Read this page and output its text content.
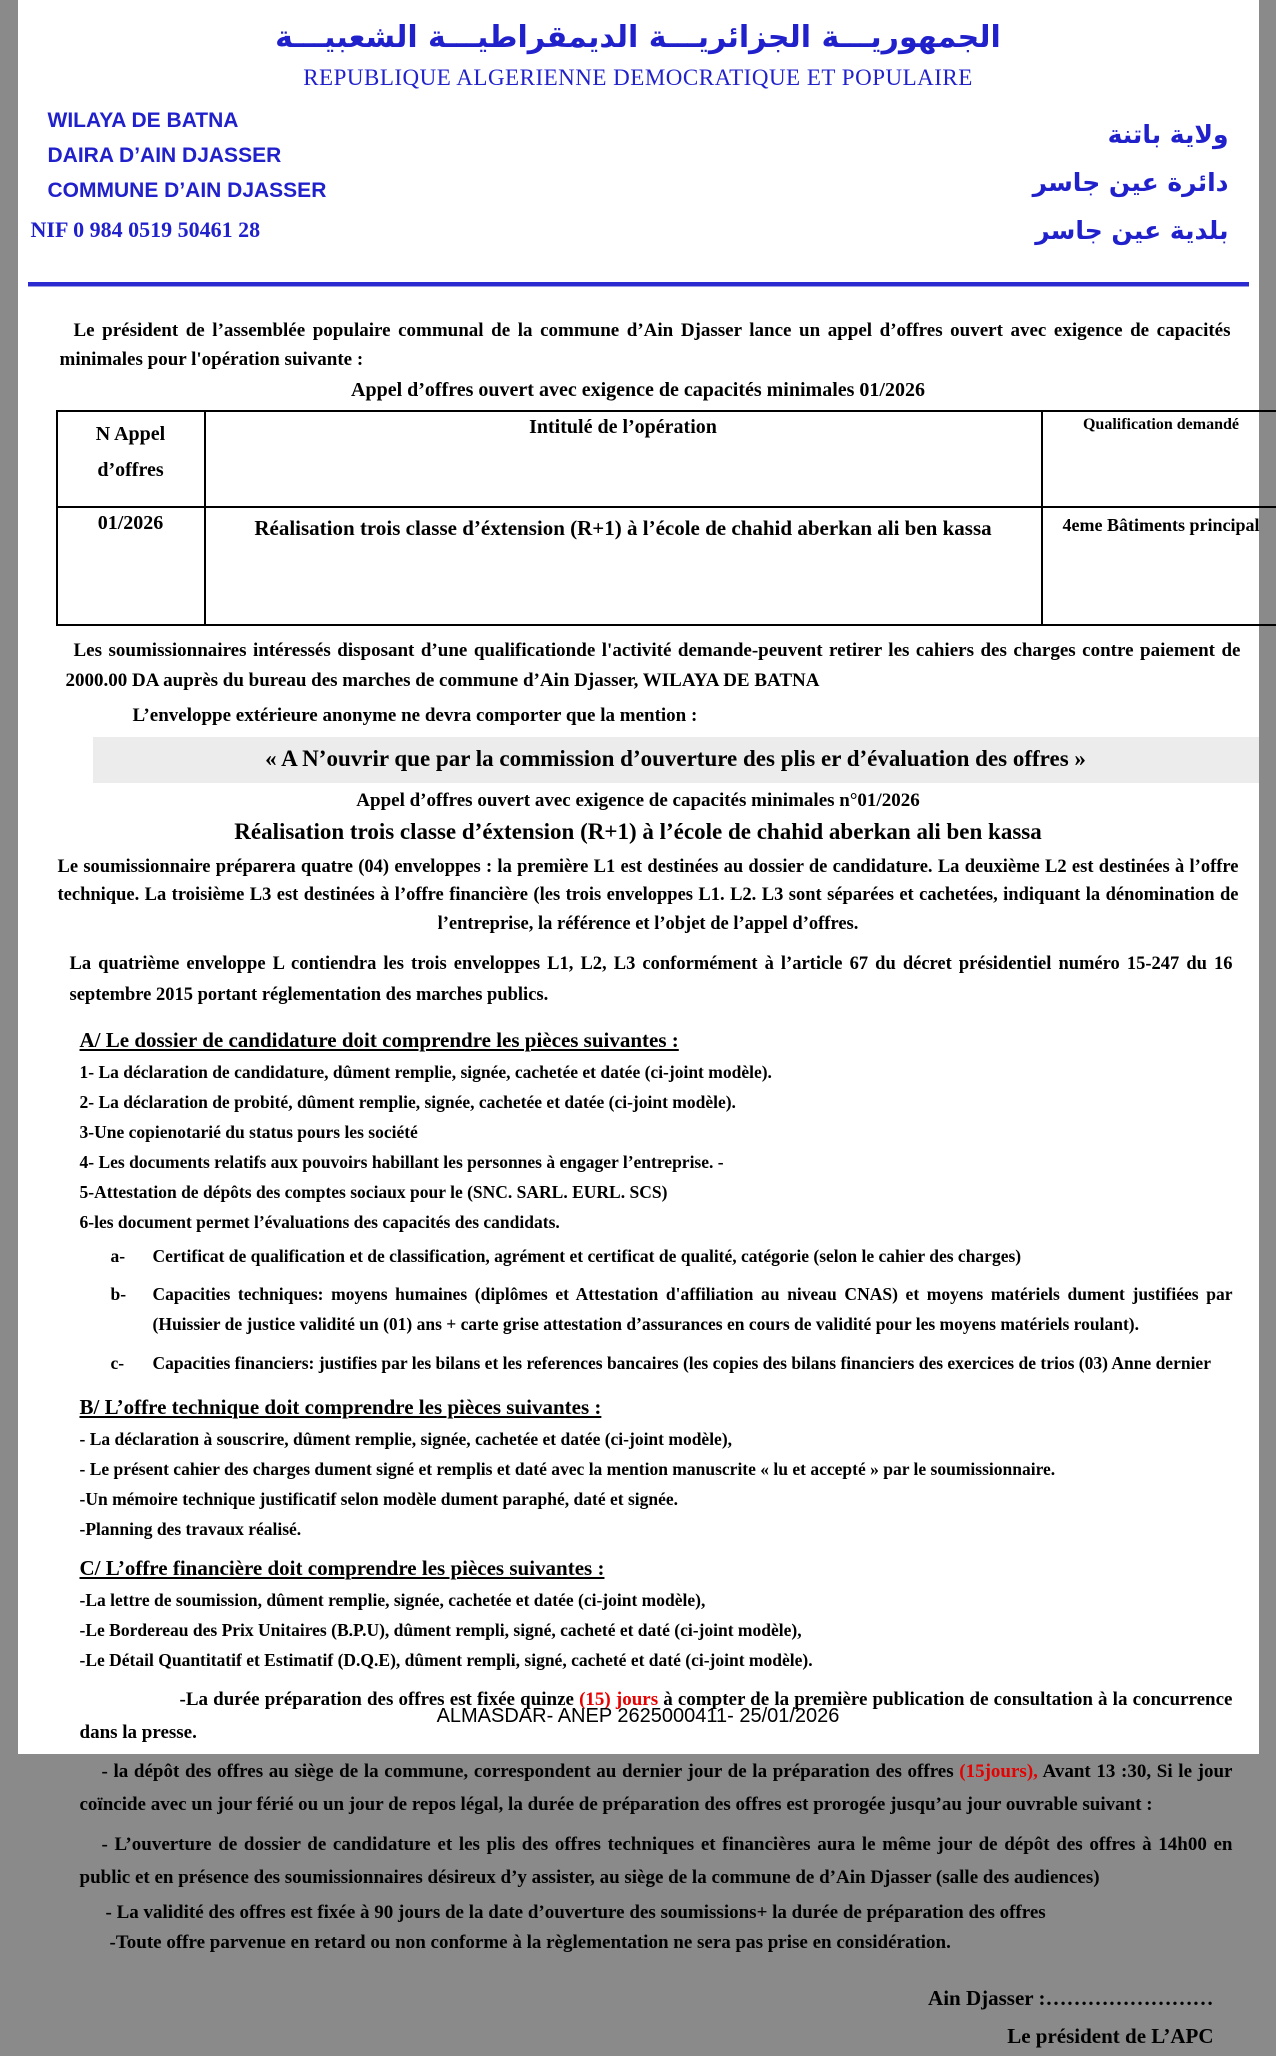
الجمهوريـــة الجزائريـــة الديمقراطيـــة الشعبيـــة
REPUBLIQUE ALGERIENNE DEMOCRATIQUE ET POPULAIRE
WILAYA DE BATNA
DAIRA D’AIN DJASSER
COMMUNE D’AIN DJASSER
NIF 0 984 0519 50461 28
ولاية باتنة
دائرة عين جاسر
بلدية عين جاسر
Le président de l’assemblée populaire communal de la commune d’Ain Djasser lance un appel d’offres ouvert avec exigence de capacités minimales pour l'opération suivante :
Appel d’offres ouvert avec exigence de capacités minimales 01/2026
N Appel d’offres	Intitulé de l’opération	Qualification demandé
01/2026	Réalisation trois classe d’éxtension (R+1) à l’école de chahid aberkan ali ben kassa	4eme Bâtiments principal
Les soumissionnaires intéressés disposant d’une qualificationde l'activité demande-peuvent retirer les cahiers des charges contre paiement de 2000.00 DA auprès du bureau des marches de commune d’Ain Djasser, WILAYA DE BATNA
L’enveloppe extérieure anonyme ne devra comporter que la mention :
« A N’ouvrir que par la commission d’ouverture des plis er d’évaluation des offres »
Appel d’offres ouvert avec exigence de capacités minimales n°01/2026
Réalisation trois classe d’éxtension (R+1) à l’école de chahid aberkan ali ben kassa
Le soumissionnaire préparera quatre (04) enveloppes : la première L1 est destinées au dossier de candidature. La deuxième L2 est destinées à l’offre technique. La troisième L3 est destinées à l’offre financière (les trois enveloppes L1. L2. L3 sont séparées et cachetées, indiquant la dénomination de l’entreprise, la référence et l’objet de l’appel d’offres.
La quatrième enveloppe L contiendra les trois enveloppes L1, L2, L3 conformément à l’article 67 du décret présidentiel numéro 15-247 du 16 septembre 2015 portant réglementation des marches publics.
A/ Le dossier de candidature doit comprendre les pièces suivantes :
1- La déclaration de candidature, dûment remplie, signée, cachetée et datée (ci-joint modèle).
2- La déclaration de probité, dûment remplie, signée, cachetée et datée (ci-joint modèle).
3-Une copienotarié du status pours les société
4- Les documents relatifs aux pouvoirs habillant les personnes à engager l’entreprise. -
5-Attestation de dépôts des comptes sociaux pour le (SNC. SARL. EURL. SCS)
6-les document permet l’évaluations des capacités des candidats.
a- Certificat de qualification et de classification, agrément et certificat de qualité, catégorie (selon le cahier des charges)
b- Capacities techniques: moyens humaines (diplômes et Attestation d'affiliation au niveau CNAS) et moyens matériels dument justifiées par (Huissier de justice validité un (01) ans + carte grise attestation d’assurances en cours de validité pour les moyens matériels roulant).
c- Capacities financiers: justifies par les bilans et les references bancaires (les copies des bilans financiers des exercices de trios (03) Anne dernier
B/ L’offre technique doit comprendre les pièces suivantes :
- La déclaration à souscrire, dûment remplie, signée, cachetée et datée (ci-joint modèle),
- Le présent cahier des charges dument signé et remplis et daté avec la mention manuscrite « lu et accepté » par le soumissionnaire.
-Un mémoire technique justificatif selon modèle dument paraphé, daté et signée.
-Planning des travaux réalisé.
C/ L’offre financière doit comprendre les pièces suivantes :
-La lettre de soumission, dûment remplie, signée, cachetée et datée (ci-joint modèle),
-Le Bordereau des Prix Unitaires (B.P.U), dûment rempli, signé, cacheté et daté (ci-joint modèle),
-Le Détail Quantitatif et Estimatif (D.Q.E), dûment rempli, signé, cacheté et daté (ci-joint modèle).
-La durée préparation des offres est fixée quinze (15) jours à compter de la première publication de consultation à la concurrence dans la presse.
- la dépôt des offres au siège de la commune, correspondent au dernier jour de la préparation des offres (15jours), Avant 13 :30, Si le jour coïncide avec un jour férié ou un jour de repos légal, la durée de préparation des offres est prorogée jusqu’au jour ouvrable suivant :
- L’ouverture de dossier de candidature et les plis des offres techniques et financières aura le même jour de dépôt des offres à 14h00 en public et en présence des soumissionnaires désireux d’y assister, au siège de la commune de d’Ain Djasser (salle des audiences)
- La validité des offres est fixée à 90 jours de la date d’ouverture des soumissions+ la durée de préparation des offres
-Toute offre parvenue en retard ou non conforme à la règlementation ne sera pas prise en considération.
Ain Djasser :……………………
Le président de L’APC
ALMASDAR- ANEP 2625000411- 25/01/2026
